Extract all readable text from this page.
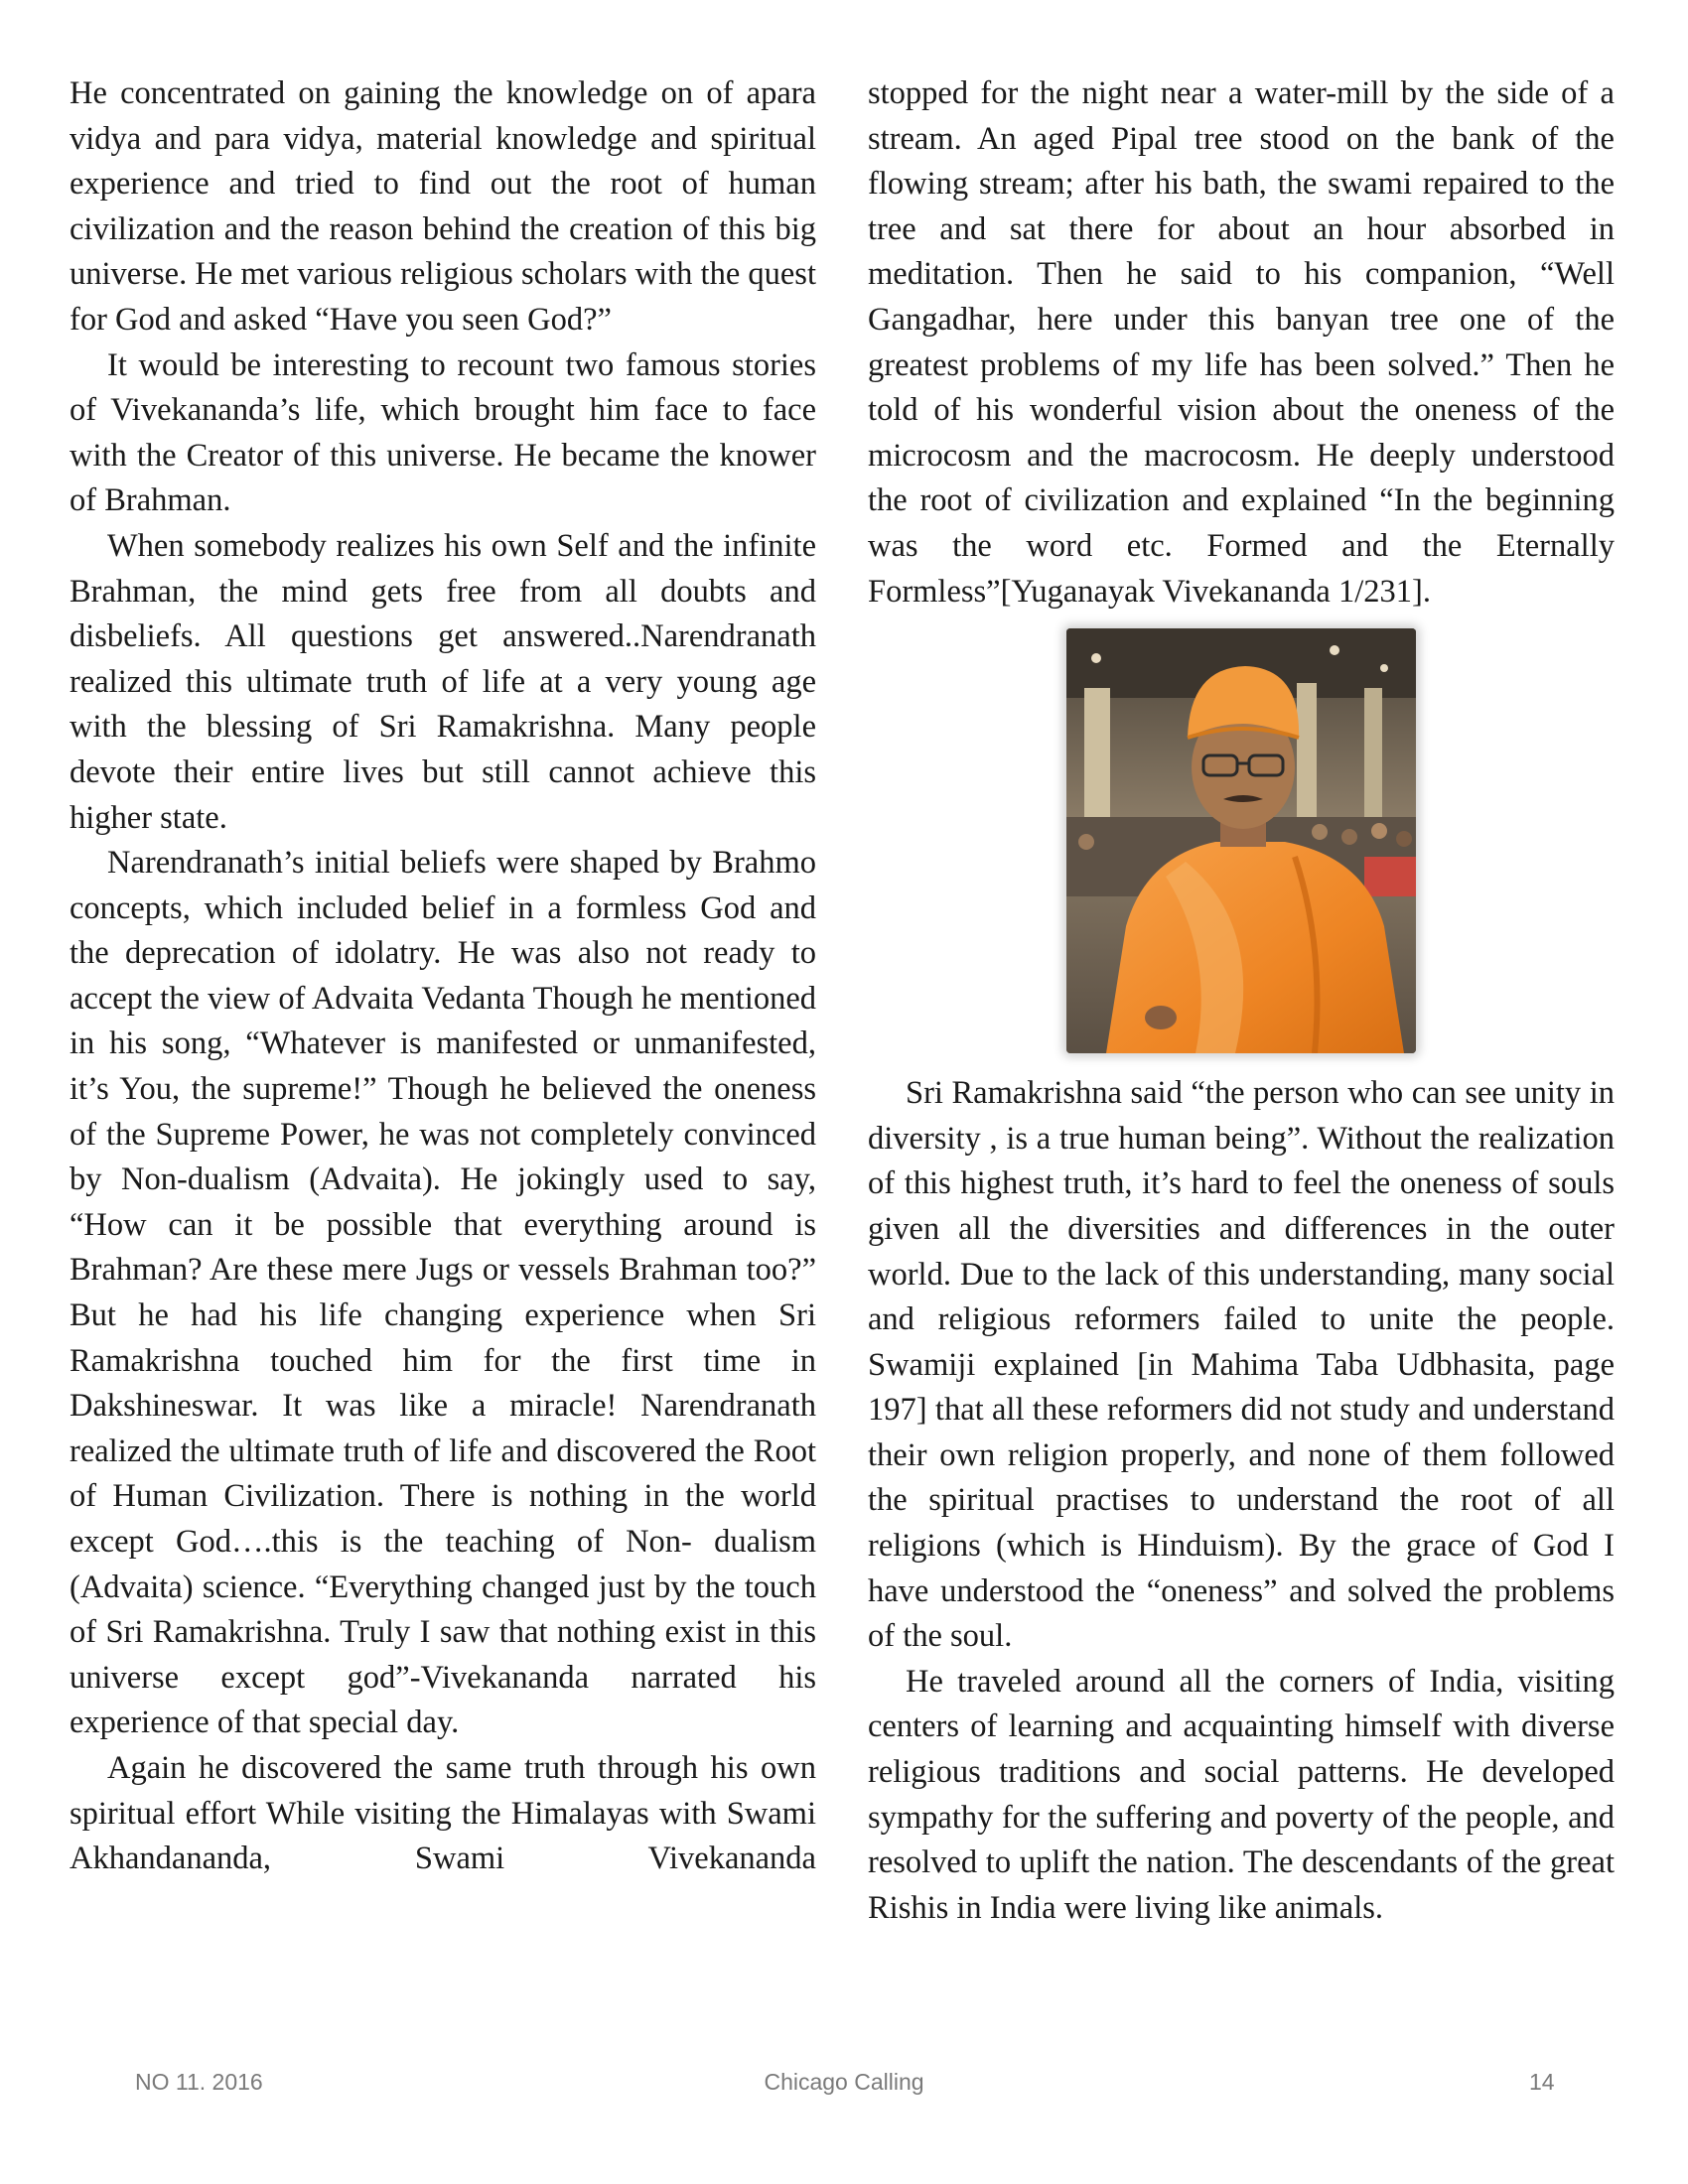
He concentrated on gaining the knowledge on of apara vidya and para vidya, material knowledge and spiritual experience and tried to find out the root of human civilization and the reason behind the creation of this big universe. He met various religious scholars with the quest for God and asked “Have you seen God?”

It would be interesting to recount two famous stories of Vivekananda’s life, which brought him face to face with the Creator of this universe. He became the knower of Brahman.

When somebody realizes his own Self and the infinite Brahman, the mind gets free from all doubts and disbeliefs. All questions get answered..Narendranath realized this ultimate truth of life at a very young age with the blessing of Sri Ramakrishna. Many people devote their entire lives but still cannot achieve this higher state.

Narendranath’s initial beliefs were shaped by Brahmo concepts, which included belief in a formless God and the deprecation of idolatry. He was also not ready to accept the view of Advaita Vedanta Though he mentioned in his song, “Whatever is manifested or unmanifested, it’s You, the supreme!” Though he believed the oneness of the Supreme Power, he was not completely convinced by Non-dualism (Advaita). He jokingly used to say, “How can it be possible that everything around is Brahman? Are these mere Jugs or vessels Brahman too?” But he had his life changing experience when Sri Ramakrishna touched him for the first time in Dakshineswar. It was like a miracle! Narendranath realized the ultimate truth of life and discovered the Root of Human Civilization. There is nothing in the world except God….this is the teaching of Non- dualism (Advaita) science. “Everything changed just by the touch of Sri Ramakrishna. Truly I saw that nothing exist in this universe except god”-Vivekananda narrated his experience of that special day.

Again he discovered the same truth through his own spiritual effort While visiting the Himalayas with Swami Akhandananda, Swami Vivekananda

stopped for the night near a water-mill by the side of a stream. An aged Pipal tree stood on the bank of the flowing stream; after his bath, the swami repaired to the tree and sat there for about an hour absorbed in meditation. Then he said to his companion, “Well Gangadhar, here under this banyan tree one of the greatest problems of my life has been solved.” Then he told of his wonderful vision about the oneness of the microcosm and the macrocosm. He deeply understood the root of civilization and explained “In the beginning was the word etc. Formed and the Eternally Formless”[Yuganayak Vivekananda 1/231].

Sri Ramakrishna said “the person who can see unity in diversity , is a true human being”. Without the realization of this highest truth, it’s hard to feel the oneness of souls given all the diversities and differences in the outer world. Due to the lack of this understanding, many social and religious reformers failed to unite the people. Swamiji explained [in Mahima Taba Udbhasita, page 197] that all these reformers did not study and understand their own religion properly, and none of them followed the spiritual practises to understand the root of all religions (which is Hinduism). By the grace of God I have understood the “oneness” and solved the problems of the soul.

He traveled around all the corners of India, visiting centers of learning and acquainting himself with diverse religious traditions and social patterns. He developed sympathy for the suffering and poverty of the people, and resolved to uplift the nation. The descendants of the great Rishis in India were living like animals.

NO 11. 2016	Chicago Calling	14
